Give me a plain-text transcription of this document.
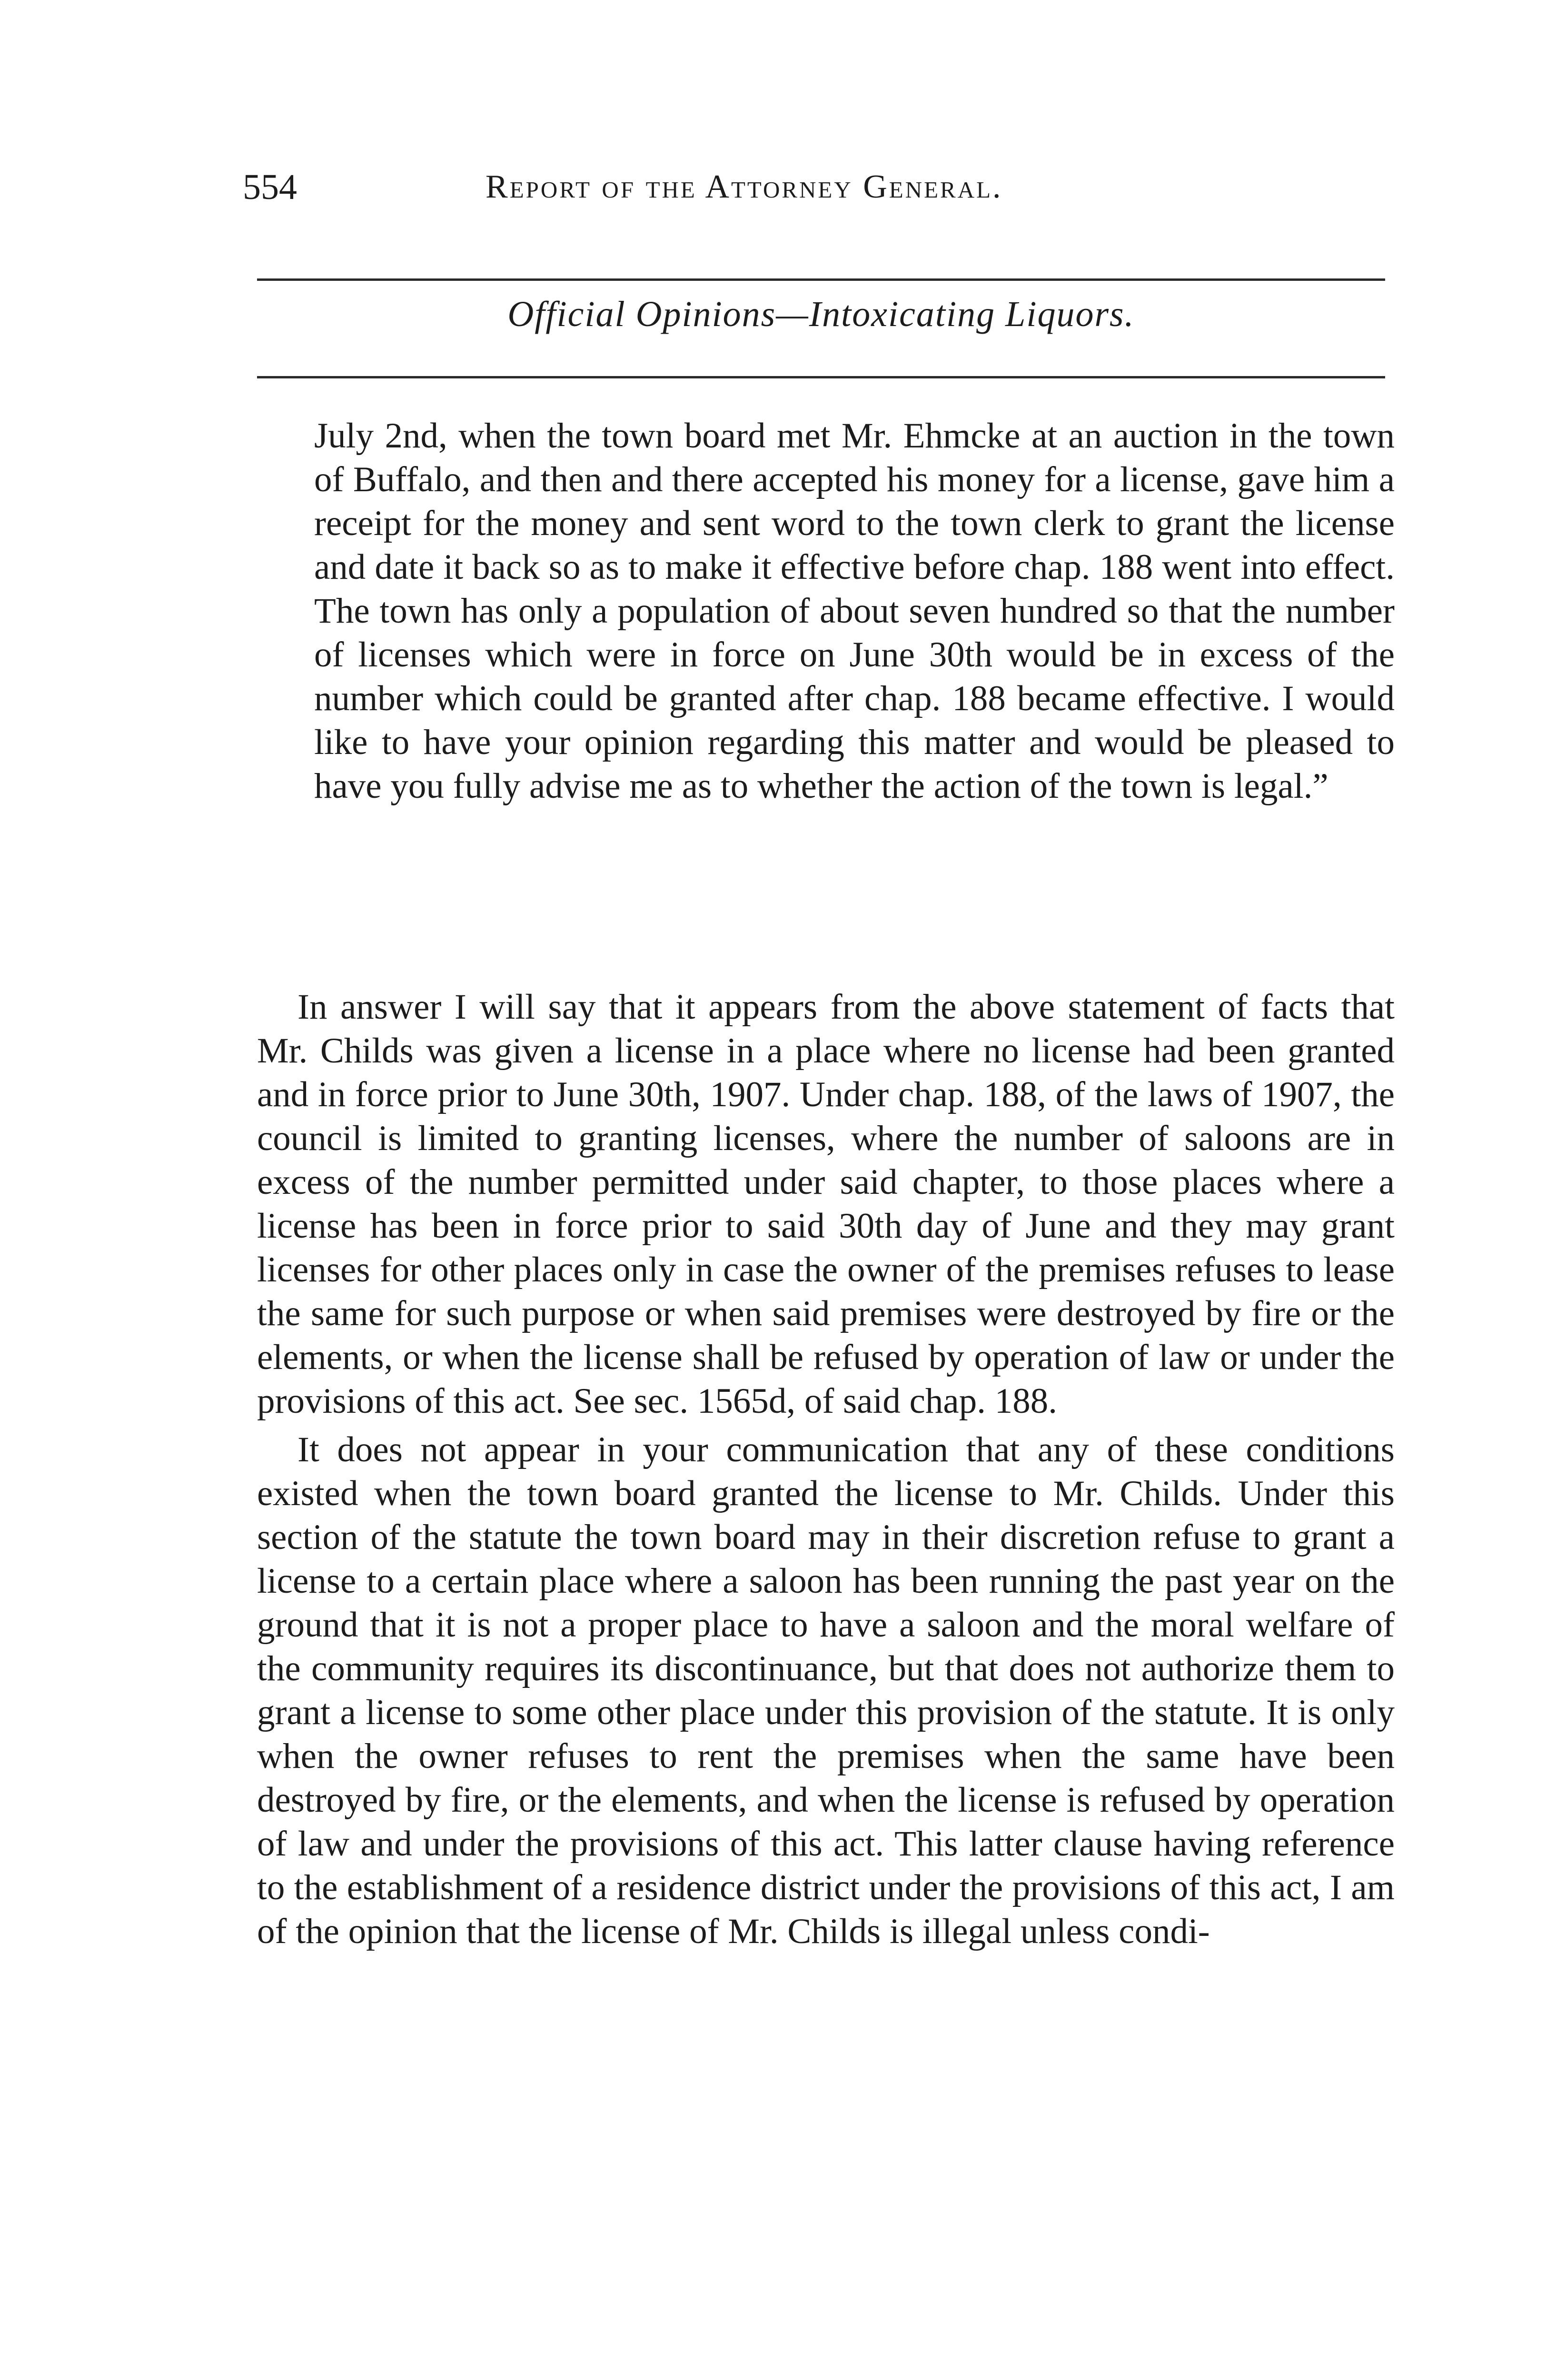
554	Report of the Attorney General.
Official Opinions—Intoxicating Liquors.

July 2nd, when the town board met Mr. Ehmcke at an auction in the town of Buffalo, and then and there accepted his money for a license, gave him a receipt for the money and sent word to the town clerk to grant the license and date it back so as to make it effective before chap. 188 went into effect. The town has only a population of about seven hundred so that the number of licenses which were in force on June 30th would be in excess of the number which could be granted after chap. 188 became effective. I would like to have your opinion regarding this matter and would be pleased to have you fully advise me as to whether the action of the town is legal.”

In answer I will say that it appears from the above statement of facts that Mr. Childs was given a license in a place where no license had been granted and in force prior to June 30th, 1907. Under chap. 188, of the laws of 1907, the council is limited to granting licenses, where the number of saloons are in excess of the number permitted under said chapter, to those places where a license has been in force prior to said 30th day of June and they may grant licenses for other places only in case the owner of the premises refuses to lease the same for such purpose or when said premises were destroyed by fire or the elements, or when the license shall be refused by operation of law or under the provisions of this act. See sec. 1565d, of said chap. 188.

It does not appear in your communication that any of these conditions existed when the town board granted the license to Mr. Childs. Under this section of the statute the town board may in their discretion refuse to grant a license to a certain place where a saloon has been running the past year on the ground that it is not a proper place to have a saloon and the moral welfare of the community requires its discontinuance, but that does not authorize them to grant a license to some other place under this provision of the statute. It is only when the owner refuses to rent the premises when the same have been destroyed by fire, or the elements, and when the license is refused by operation of law and under the provisions of this act. This latter clause having reference to the establishment of a residence district under the provisions of this act, I am of the opinion that the license of Mr. Childs is illegal unless condi-
